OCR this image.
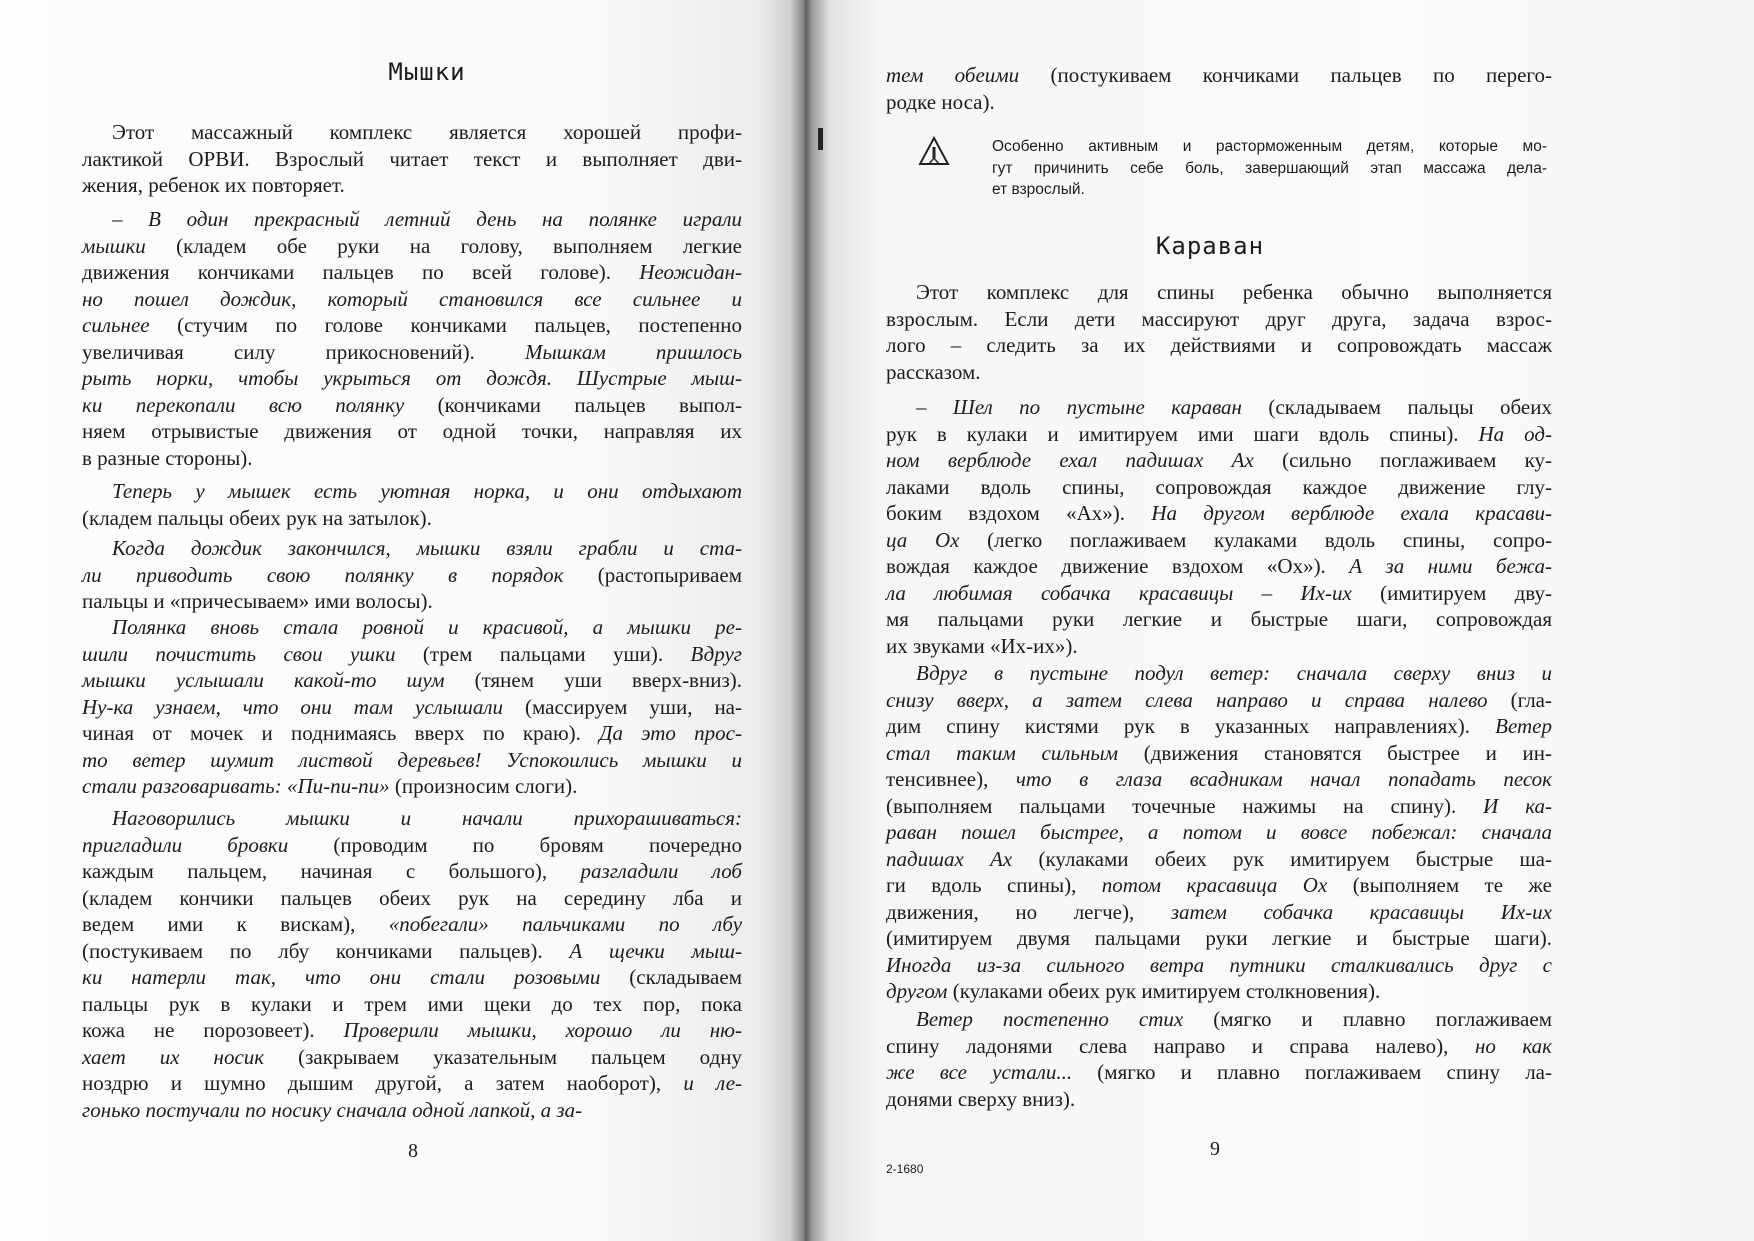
Мышки
Этот массажный комплекс является хорошей профи-
лактикой ОРВИ. Взрослый читает текст и выполняет дви-
жения, ребенок их повторяет.
– В один прекрасный летний день на полянке играли
мышки (кладем обе руки на голову, выполняем легкие
движения кончиками пальцев по всей голове). Неожидан-
но пошел дождик, который становился все сильнее и
сильнее (стучим по голове кончиками пальцев, постепенно
увеличивая силу прикосновений). Мышкам пришлось
рыть норки, чтобы укрыться от дождя. Шустрые мыш-
ки перекопали всю полянку (кончиками пальцев выпол-
няем отрывистые движения от одной точки, направляя их
в разные стороны).
Теперь у мышек есть уютная норка, и они отдыхают
(кладем пальцы обеих рук на затылок).
Когда дождик закончился, мышки взяли грабли и ста-
ли приводить свою полянку в порядок (растопыриваем
пальцы и «причесываем» ими волосы).
Полянка вновь стала ровной и красивой, а мышки ре-
шили почистить свои ушки (трем пальцами уши). Вдруг
мышки услышали какой-то шум (тянем уши вверх-вниз).
Ну-ка узнаем, что они там услышали (массируем уши, на-
чиная от мочек и поднимаясь вверх по краю). Да это прос-
то ветер шумит листвой деревьев! Успокоились мышки и
стали разговаривать: «Пи-пи-пи» (произносим слоги).
Наговорились мышки и начали прихорашиваться:
пригладили бровки (проводим по бровям почередно
каждым пальцем, начиная с большого), разгладили лоб
(кладем кончики пальцев обеих рук на середину лба и
ведем ими к вискам), «побегали» пальчиками по лбу
(постукиваем по лбу кончиками пальцев). А щечки мыш-
ки натерли так, что они стали розовыми (складываем
пальцы рук в кулаки и трем ими щеки до тех пор, пока
кожа не порозовеет). Проверили мышки, хорошо ли ню-
хает их носик (закрываем указательным пальцем одну
ноздрю и шумно дышим другой, а затем наоборот), и ле-
гонько постучали по носику сначала одной лапкой, а за-
8
тем обеими (постукиваем кончиками пальцев по перего-
родке носа).
Этот комплекс для спины ребенка обычно выполняется
взрослым. Если дети массируют друг друга, задача взрос-
лого – следить за их действиями и сопровождать массаж
рассказом.
– Шел по пустыне караван (складываем пальцы обеих
рук в кулаки и имитируем ими шаги вдоль спины). На од-
ном верблюде ехал падишах Ах (сильно поглаживаем ку-
лаками вдоль спины, сопровождая каждое движение глу-
боким вздохом «Ах»). На другом верблюде ехала красави-
ца Ох (легко поглаживаем кулаками вдоль спины, сопро-
вождая каждое движение вздохом «Ох»). А за ними бежа-
ла любимая собачка красавицы – Их-их (имитируем дву-
мя пальцами руки легкие и быстрые шаги, сопровождая
их звуками «Их-их»).
Вдруг в пустыне подул ветер: сначала сверху вниз и
снизу вверх, а затем слева направо и справа налево (гла-
дим спину кистями рук в указанных направлениях). Ветер
стал таким сильным (движения становятся быстрее и ин-
тенсивнее), что в глаза всадникам начал попадать песок
(выполняем пальцами точечные нажимы на спину). И ка-
раван пошел быстрее, а потом и вовсе побежал: сначала
падишах Ах (кулаками обеих рук имитируем быстрые ша-
ги вдоль спины), потом красавица Ох (выполняем те же
движения, но легче), затем собачка красавицы Их-их
(имитируем двумя пальцами руки легкие и быстрые шаги).
Иногда из-за сильного ветра путники сталкивались друг с
другом (кулаками обеих рук имитируем столкновения).
Ветер постепенно стих (мягко и плавно поглаживаем
спину ладонями слева направо и справа налево), но как
же все устали... (мягко и плавно поглаживаем спину ла-
донями сверху вниз).
Особенно активным и расторможенным детям, которые мо-
гут причинить себе боль, завершающий этап массажа дела-
ет взрослый.
Караван
9
2-1680
